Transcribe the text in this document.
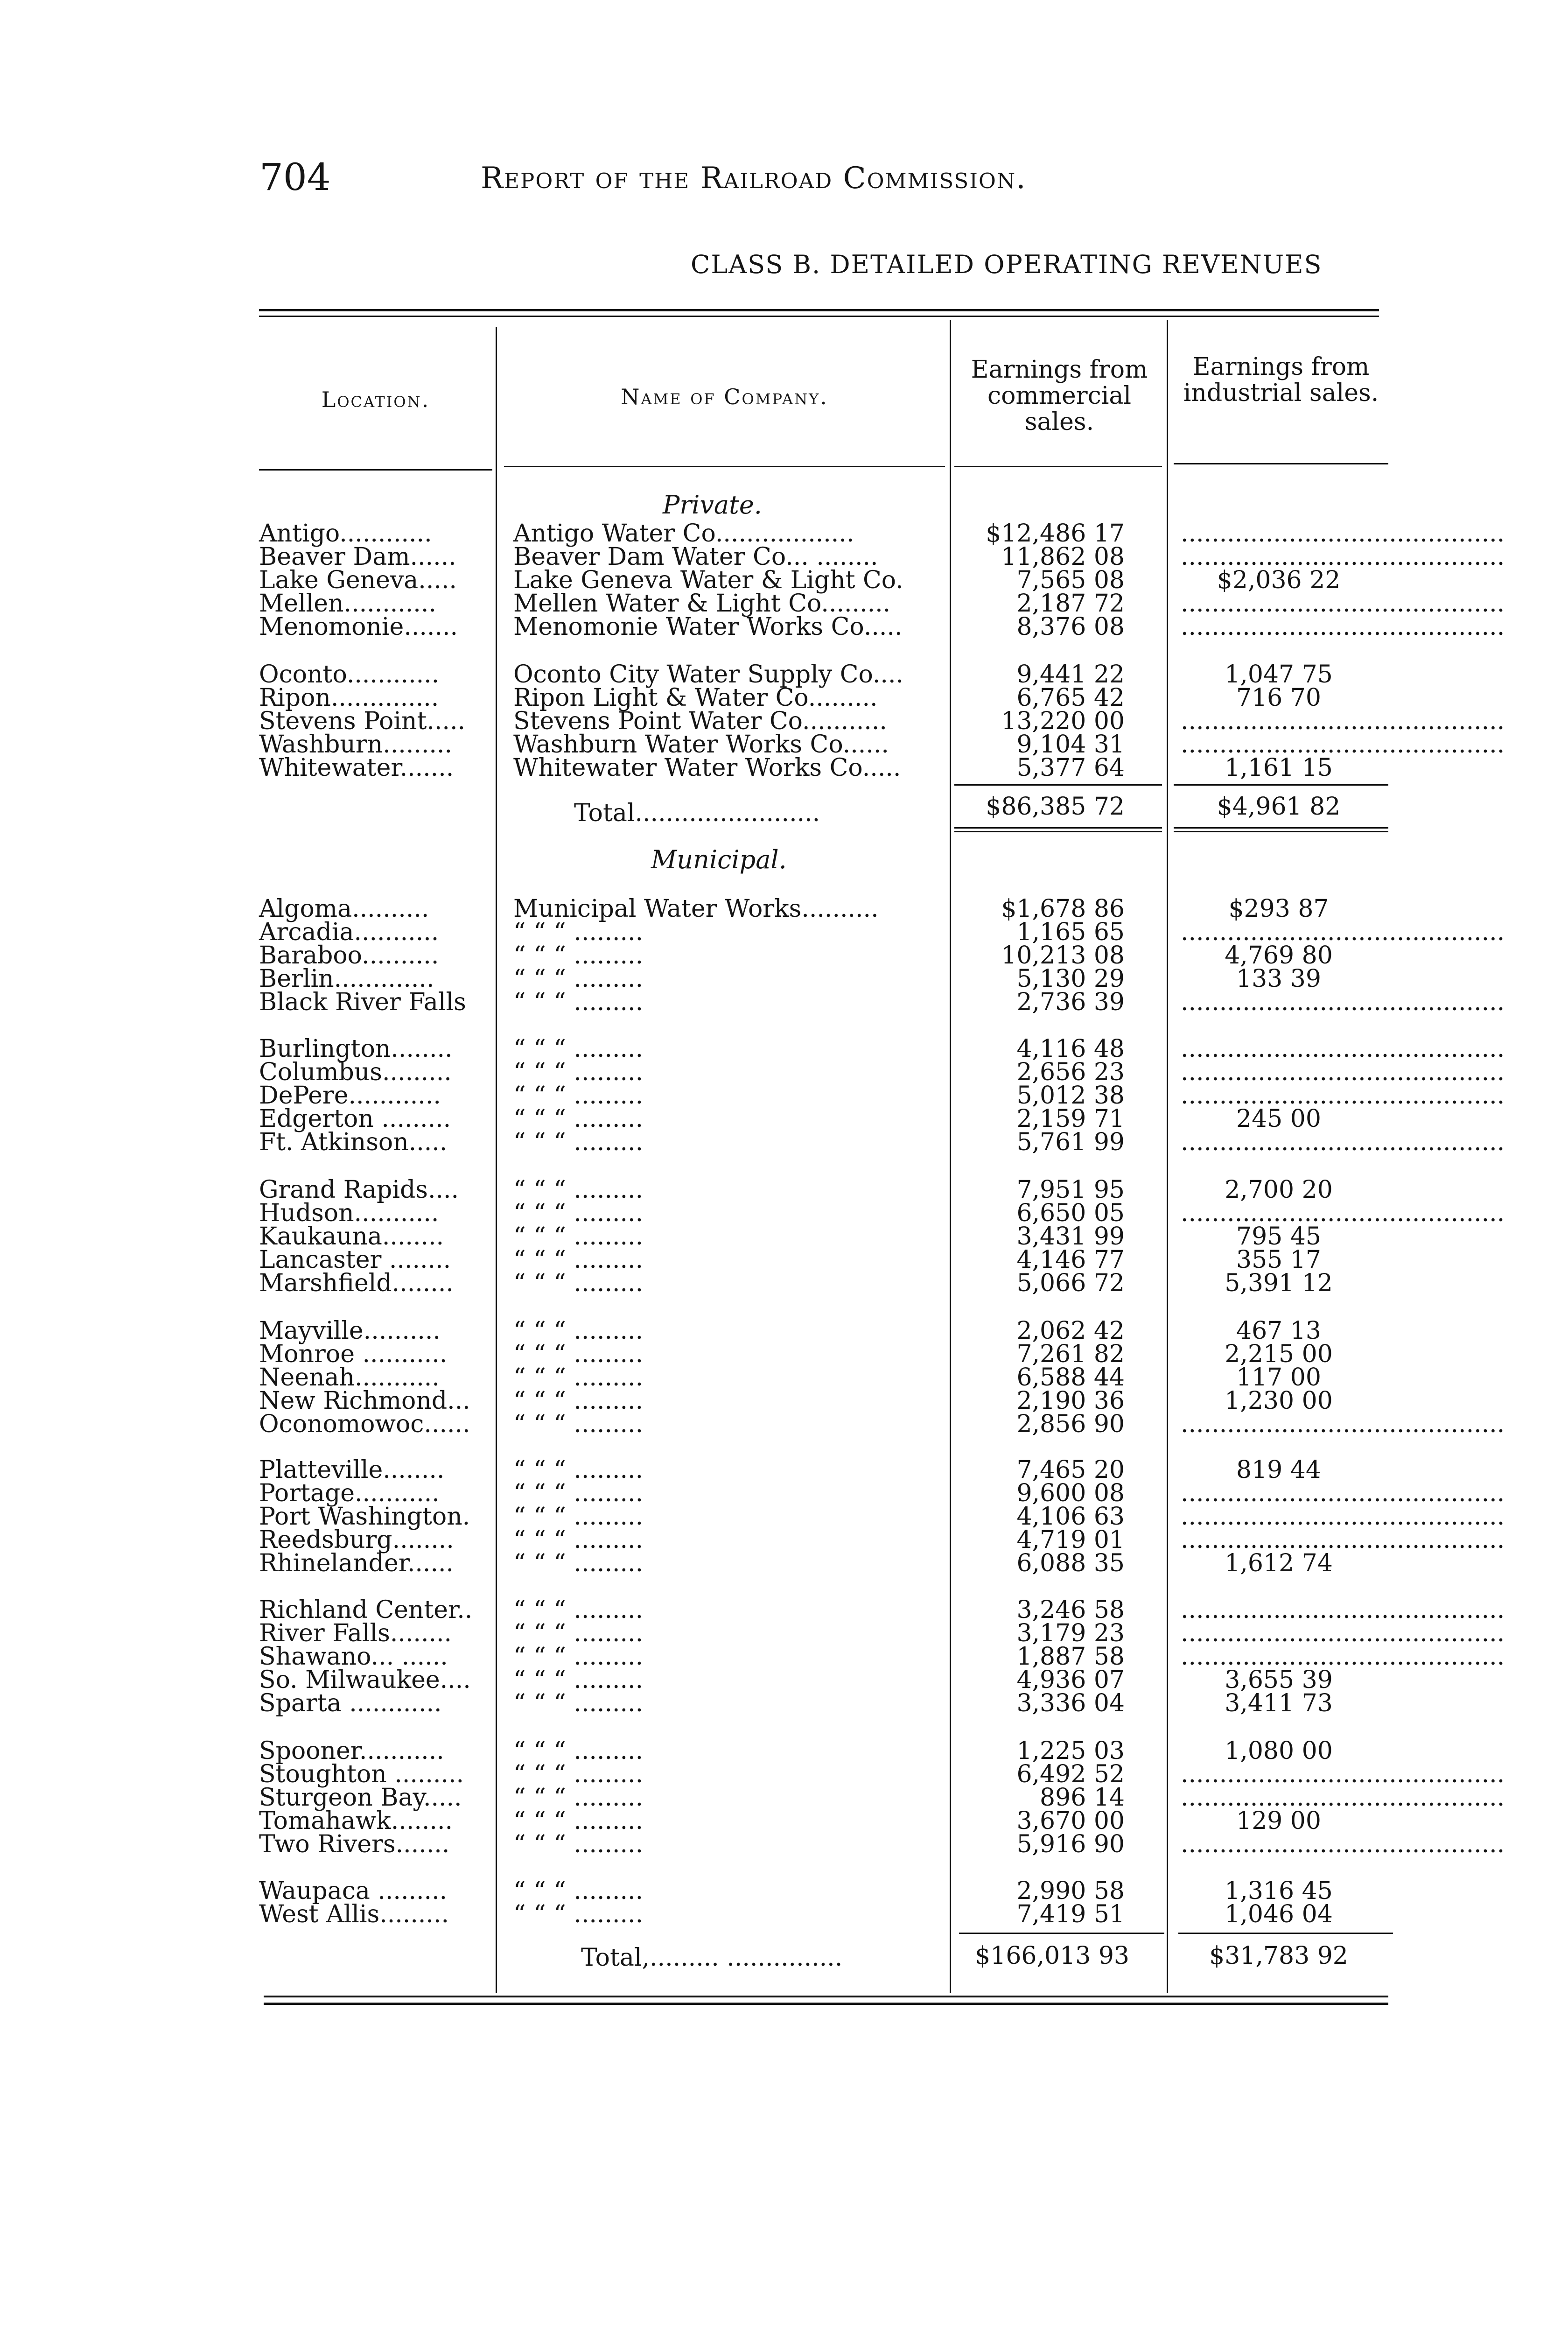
704	Report of the Railroad Commission.
CLASS B. DETAILED OPERATING REVENUES
Location.	Name of Company.
Earnings from commercial sales.
Earnings from industrial sales.
Private.
Municipal.
Antigo............	Antigo Water Co..................	$12,486 17 ..........................................
Beaver Dam...... Beaver Dam Water Co... ........	11,862 08 ..........................................
Lake Geneva..... Lake Geneva Water & Light Co.	7,565 08	$2,036 22
Mellen............	Mellen Water & Light Co.........	2,187 72 ..........................................
Menomonie....... Menomonie Water Works Co.....	8,376 08 ..........................................
Oconto............	Oconto City Water Supply Co....	9,441 22	1,047 75
Ripon..............	Ripon Light & Water Co.........	6,765 42	716 70
Stevens Point..... Stevens Point Water Co...........	13,220 00 ..........................................
Washburn.........	Washburn Water Works Co......	9,104 31 ..........................................
Whitewater....... Whitewater Water Works Co.....	5,377 64	1,161 15
Algoma..........	Municipal Water Works..........	$1,678 86	$293 87
Arcadia...........	“ “ “ .........	1,165 65 ..........................................
Baraboo..........	“ “ “ .........	10,213 08	4,769 80
Berlin.............	“ “ “ .........	5,130 29	133 39
Black River Falls “ “ “ .........	2,736 39 ..........................................
Burlington........	“ “ “ .........	4,116 48 ..........................................
Columbus.........	“ “ “ .........	2,656 23 ..........................................
DePere............	“ “ “ .........	5,012 38 ..........................................
Edgerton .........	“ “ “ .........	2,159 71	245 00
Ft. Atkinson.....	“ “ “ .........	5,761 99 ..........................................
Grand Rapids.... “ “ “ .........	7,951 95	2,700 20
Hudson...........	“ “ “ .........	6,650 05 ..........................................
Kaukauna........	“ “ “ .........	3,431 99	795 45
Lancaster ........	“ “ “ .........	4,146 77	355 17
Marshfield........ “ “ “ .........	5,066 72	5,391 12
Mayville..........	“ “ “ .........	2,062 42	467 13
Monroe ...........	“ “ “ .........	7,261 82	2,215 00
Neenah...........	“ “ “ .........	6,588 44	117 00
New Richmond... “ “ “ .........	2,190 36	1,230 00
Oconomowoc...... “ “ “ .........	2,856 90 ..........................................
Platteville........	“ “ “ .........	7,465 20	819 44
Portage...........	“ “ “ .........	9,600 08 ..........................................
Port Washington. “ “ “ .........	4,106 63 ..........................................
Reedsburg........ “ “ “ .........	4,719 01 ..........................................
Rhinelander...... “ “ “ .........	6,088 35	1,612 74
Richland Center.. “ “ “ .........	3,246 58 ..........................................
River Falls........	“ “ “ .........	3,179 23 ..........................................
Shawano... ......	“ “ “ .........	1,887 58 ..........................................
So. Milwaukee.... “ “ “ .........	4,936 07	3,655 39
Sparta ............	“ “ “ .........	3,336 04	3,411 73
Spooner...........	“ “ “ .........	1,225 03	1,080 00
Stoughton ......... “ “ “ .........	6,492 52 ..........................................
Sturgeon Bay..... “ “ “ .........	896 14 ..........................................
Tomahawk........ “ “ “ .........	3,670 00	129 00
Two Rivers.......	“ “ “ .........	5,916 90 ..........................................
Waupaca .........	“ “ “ .........	2,990 58	1,316 45
West Allis.........	“ “ “ .........	7,419 51	1,046 04
Total........................	$86,385 72	$4,961 82
Total,......... ...............	$166,013 93	$31,783 92
